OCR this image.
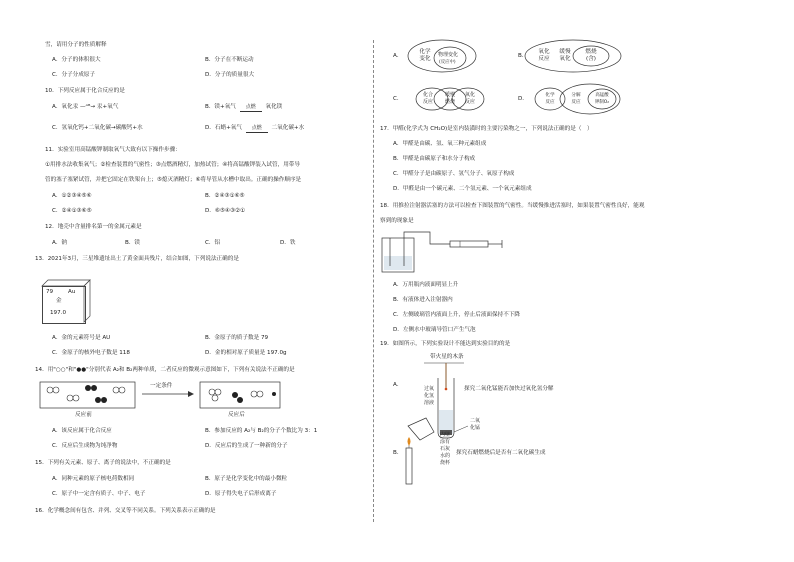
雪，请用分子的性质解释
A．分子的体积很大	B．分子在不断运动
C．分子分成原子	D．分子的质量很大
10．下列反应属于化合反应的是
A．氧化汞 —ᴬᴮ→ 汞+氧气	B．镁+氧气 点燃 氧化镁
C．氢氧化钙+二氧化碳→碳酸钙+水	D．石蜡+氧气 点燃 二氧化碳+水
11．实验室用高锰酸钾制取氧气大致有以下操作步骤：
①用排水法收集氧气；②检查装置的气密性；③点燃酒精灯，加热试管；④将高锰酸钾装入试管，用带导
管的塞子塞紧试管，并把它固定在铁架台上；⑤熄灭酒精灯；⑥将导管从水槽中取出。正确的操作顺序是
A．①②③④⑤⑥	B．②④③①⑥⑤
C．②④①③⑥⑤	D．⑥⑤④③②①
12．地壳中含量排名第一的金属元素是
A．钠	B．镁	C．铝	D．铁
13．2021年3月，三星堆遗址出土了黄金面具残片，结合如图，下列说法正确的是
79	Au
金
197.0
A．金的元素符号是 AU	B．金原子的质子数是 79
C．金原子的核外电子数是 118	D．金的相对原子质量是 197.0g
14．用"○○"和"●●"分别代表 A₂和 B₂两种单质，二者反应的微观示意图如下，下列有关说法不正确的是
一定条件
反应前	反应后
A．该反应属于化合反应	B．参加反应的 A₂与 B₂的分子个数比为 3：1
C．反应后生成物为纯净物	D．反应后的生成了一种新的分子
15．下列有关元素、原子、离子的说法中，不正确的是
A．同种元素的原子核电荷数相同	B．原子是化学变化中的最小微粒
C．原子中一定含有质子、中子、电子	D．原子得失电子后形成离子
16．化学概念间有包含、并列、交叉等不同关系。下列关系表示正确的是
A．
化学
变化
物理变化
(反应中)
B．
氧化
反应
缓慢
氧化
燃烧
(含)
C．
化合
反应
缓慢
燃烧
氧化
反应	D．
化学
反应
分解
反应
高锰酸
钾制O₂
17．甲醛(化学式为 CH₂O)是室内装潢时的主要污染物之一，下列说法正确的是（　）
A．甲醛是由碳、氢、氧三种元素组成
B．甲醛是由碳原子和水分子构成
C．甲醛分子是由碳原子、氢气分子、氧原子构成
D．甲醛是由一个碳元素、二个氢元素、一个氧元素组成
18．用推拉注射器活塞的方法可以检查下图装置的气密性。当缓慢推进活塞时，如果装置气密性良好，能观
察到的现象是
A．万用瓶内液面明显上升
B．有液体进入注射器内
C．左侧玻璃管内液面上升，停止后液面保持不下降
D．左侧水中玻璃导管口产生气泡
19．如图所示，下列实验设计不能达到实验目的的是
带火星的木条
A．
过氧
化氢
溶液
二氧
化锰
探究二氧化锰能否加快过氧化氢分解
B．
内壁
涂有
石灰
水的
烧杯
探究石蜡燃烧后是否有二氧化碳生成
